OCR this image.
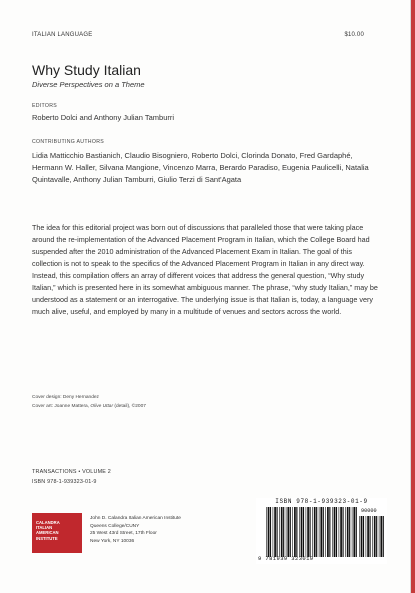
ITALIAN LANGUAGE	$10.00
Why Study Italian
Diverse Perspectives on a Theme
EDITORS
Roberto Dolci and Anthony Julian Tamburri
CONTRIBUTING AUTHORS
Lidia Matticchio Bastianich, Claudio Bisogniero, Roberto Dolci, Clorinda Donato, Fred Gardaphé, Hermann W. Haller, Silvana Mangione, Vincenzo Marra, Berardo Paradiso, Eugenia Paulicelli, Natalia Quintavalle, Anthony Julian Tamburri, Giulio Terzi di Sant'Agata
The idea for this editorial project was born out of discussions that paralleled those that were taking place around the re-implementation of the Advanced Placement Program in Italian, which the College Board had suspended after the 2010 administration of the Advanced Placement Exam in Italian. The goal of this collection is not to speak to the specifics of the Advanced Placement Program in Italian in any direct way. Instead, this compilation offers an array of different voices that address the general question, “Why study Italian,” which is presented here in its somewhat ambiguous manner. The phrase, “why study Italian,” may be understood as a statement or an interrogative. The underlying issue is that Italian is, today, a language very much alive, useful, and employed by many in a multitude of venues and sectors across the world.
Cover design: Deny Hernandez
Cover art: Joanne Mattera, Olive Uttar (detail), ©2007
TRANSACTIONS • VOLUME 2
ISBN 978-1-939323-01-9
CALANDRA
ITALIAN
AMERICAN
INSTITUTE
John D. Calandra Italian American Institute
Queens College/CUNY
25 West 43rd Street, 17th Floor
New York, NY 10036
ISBN 978-1-939323-01-9
9 781939 323019
90000
